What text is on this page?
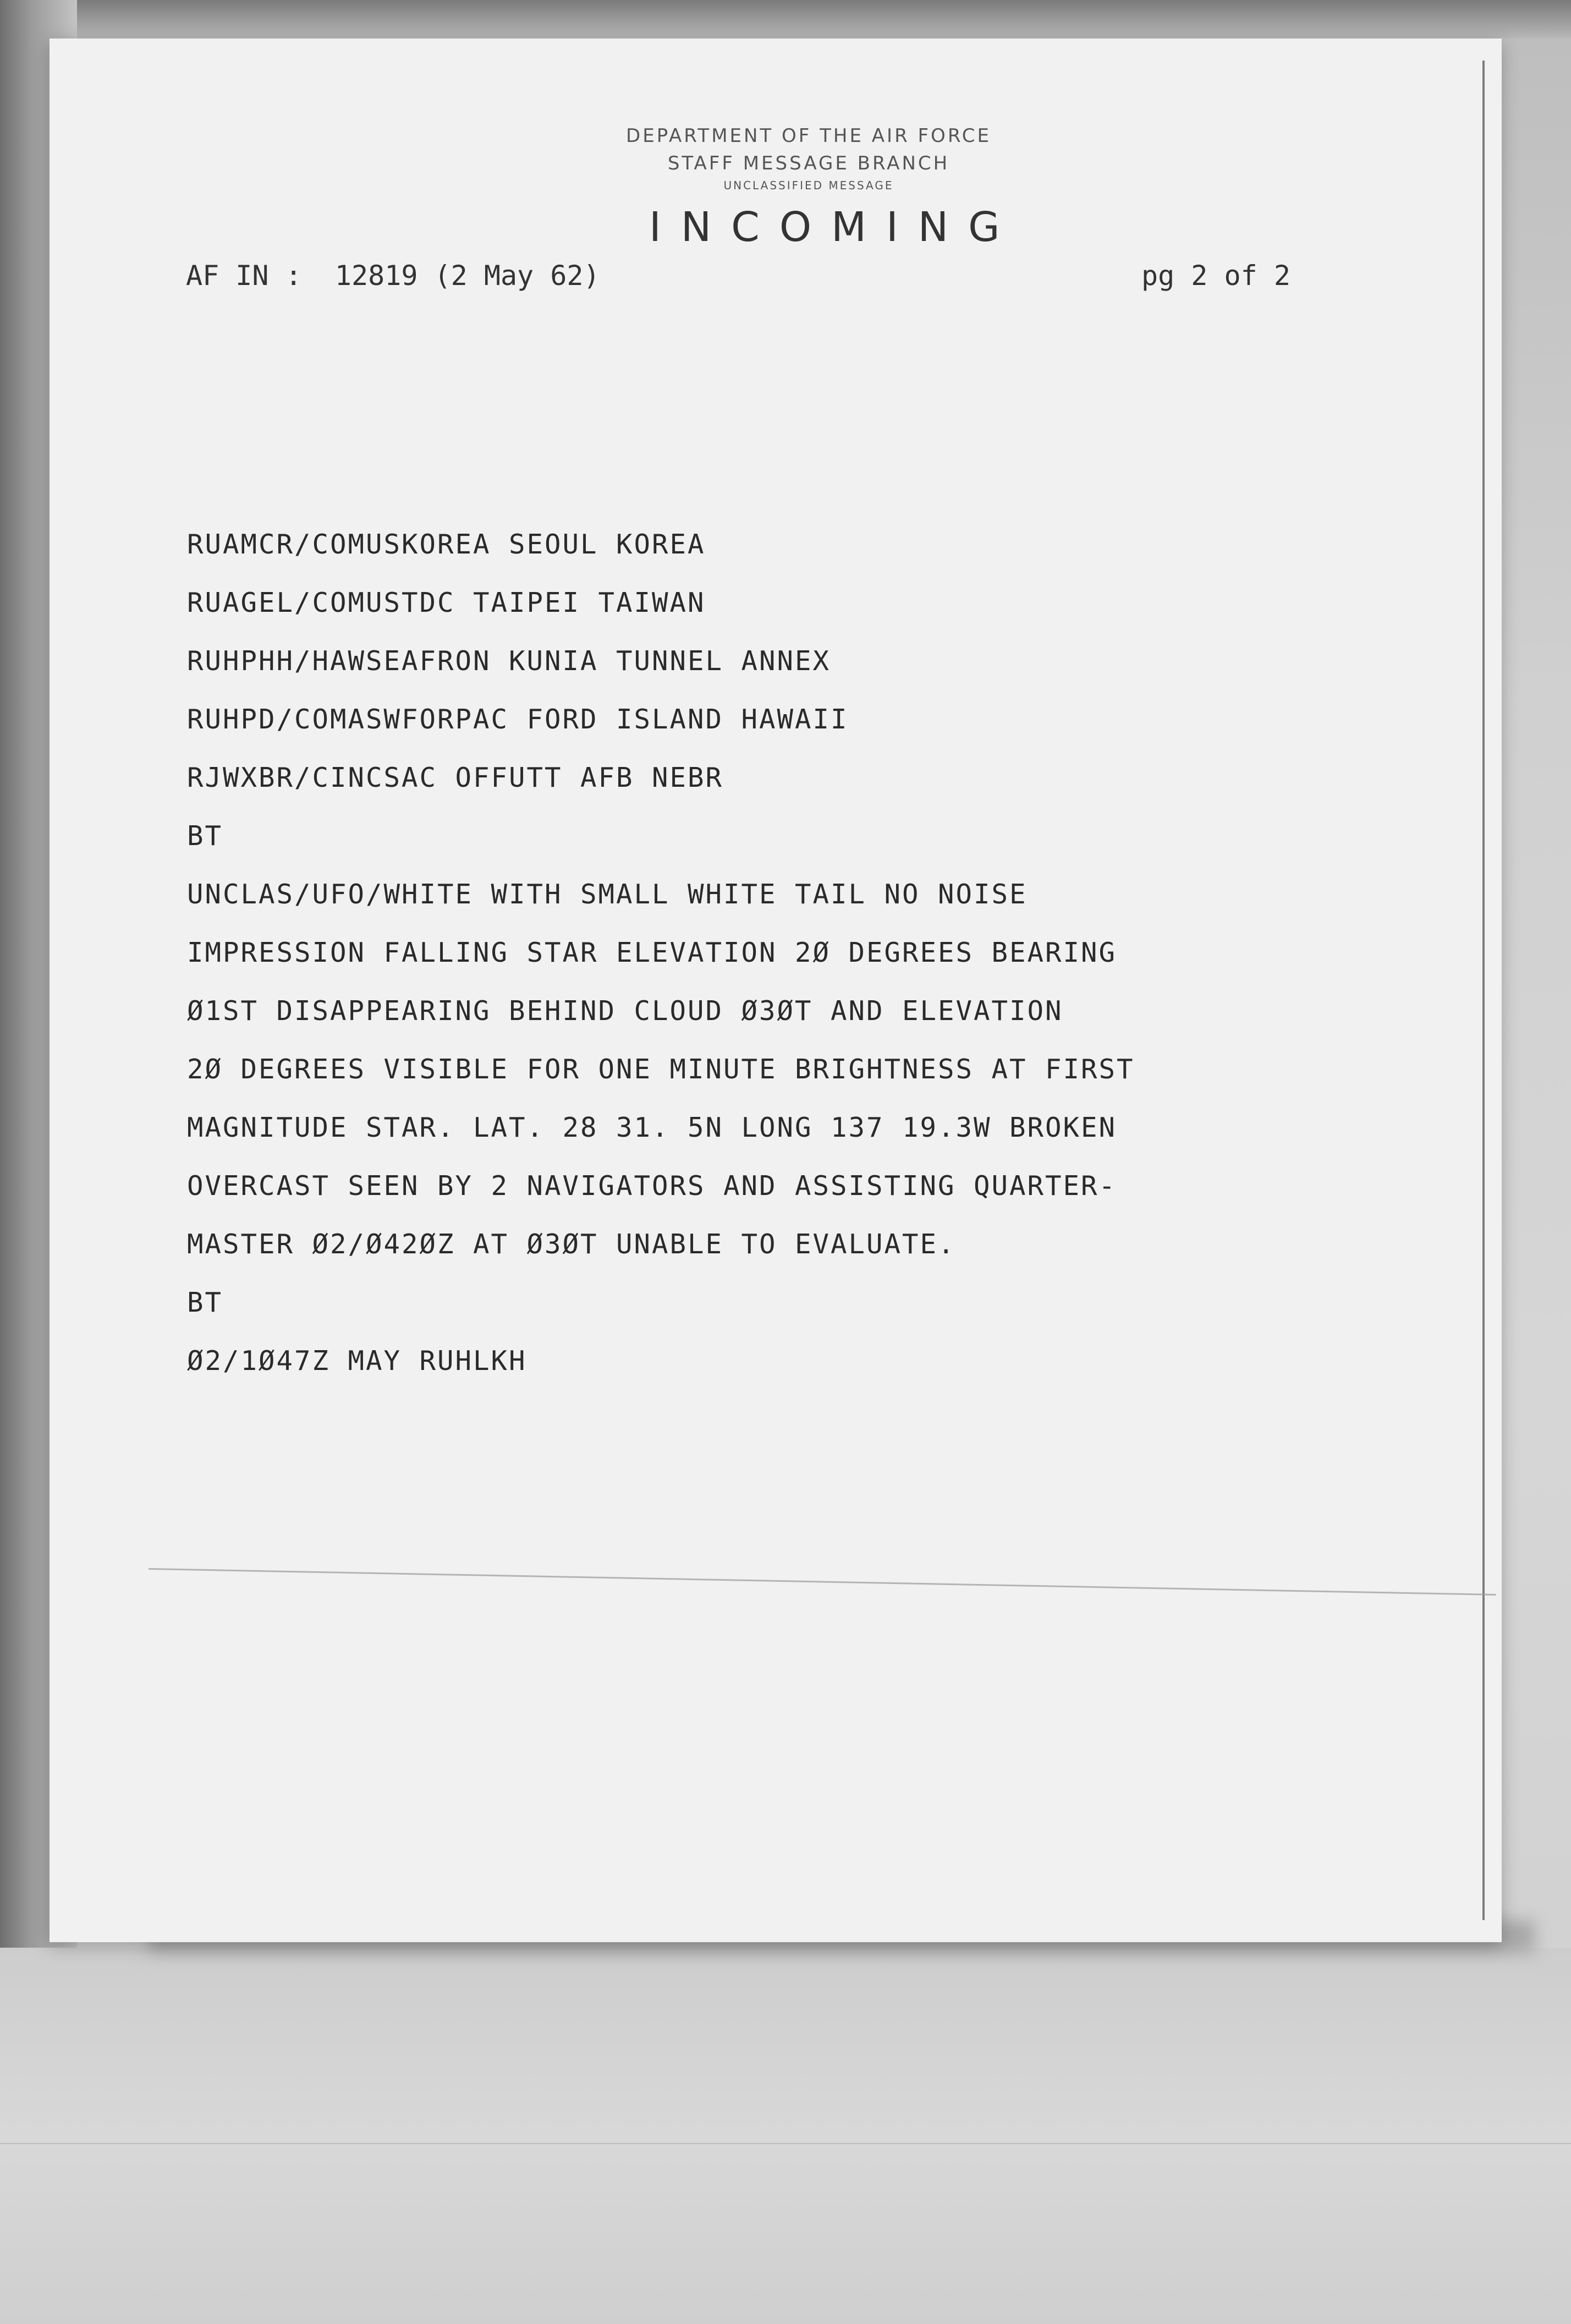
DEPARTMENT OF THE AIR FORCE
STAFF MESSAGE BRANCH
UNCLASSIFIED MESSAGE
INCOMING
AF IN :  12819 (2 May 62)	pg 2 of 2
RUAMCR/COMUSKOREA SEOUL KOREA
RUAGEL/COMUSTDC TAIPEI TAIWAN
RUHPHH/HAWSEAFRON KUNIA TUNNEL ANNEX
RUHPD/COMASWFORPAC FORD ISLAND HAWAII
RJWXBR/CINCSAC OFFUTT AFB NEBR
BT
UNCLAS/UFO/WHITE WITH SMALL WHITE TAIL NO NOISE
IMPRESSION FALLING STAR ELEVATION 2Ø DEGREES BEARING
Ø1ST DISAPPEARING BEHIND CLOUD Ø3ØT AND ELEVATION
2Ø DEGREES VISIBLE FOR ONE MINUTE BRIGHTNESS AT FIRST
MAGNITUDE STAR. LAT. 28 31. 5N LONG 137 19.3W BROKEN
OVERCAST SEEN BY 2 NAVIGATORS AND ASSISTING QUARTER-
MASTER Ø2/Ø42ØZ AT Ø3ØT UNABLE TO EVALUATE.
BT
Ø2/1Ø47Z MAY RUHLKH
